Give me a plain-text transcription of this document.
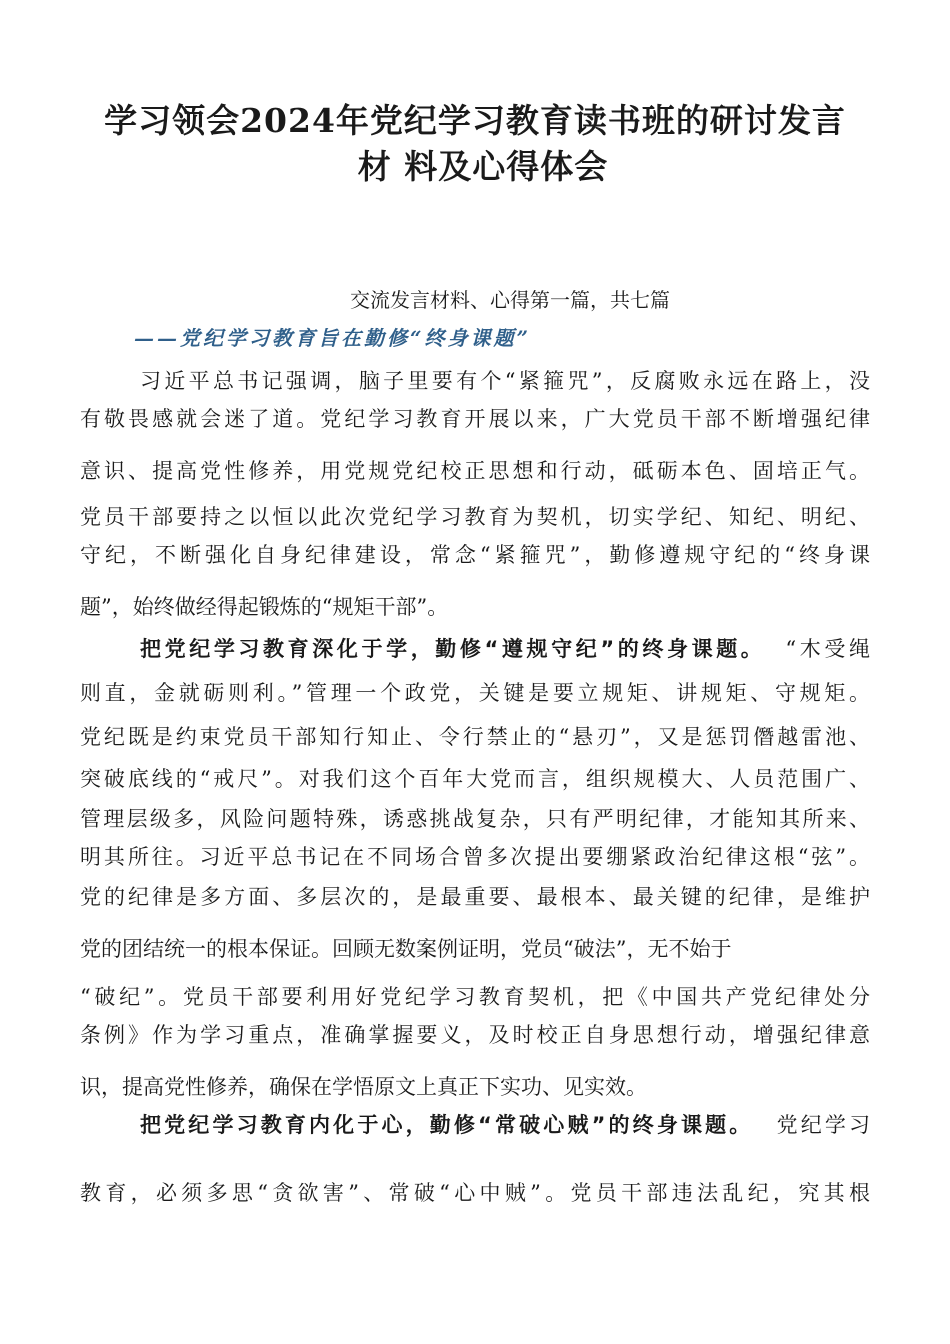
学习领会2024年党纪学习教育读书班的研讨发言
材 料及心得体会
交流发言材料、心得第一篇，共七篇
——党纪学习教育旨在勤修“终身课题”
习近平总书记强调，脑子里要有个“紧箍咒”，反腐败永远在路上，没
有敬畏感就会迷了道。党纪学习教育开展以来，广大党员干部不断增强纪律
意识、提高党性修养，用党规党纪校正思想和行动，砥砺本色、固培正气。
党员干部要持之以恒以此次党纪学习教育为契机，切实学纪、知纪、明纪、
守纪，不断强化自身纪律建设，常念“紧箍咒”，勤修遵规守纪的“终身课
题”，始终做经得起锻炼的“规矩干部”。
把党纪学习教育深化于学，勤修“遵规守纪”的终身课题。 “木受绳
则直，金就砺则利。”管理一个政党，关键是要立规矩、讲规矩、守规矩。
党纪既是约束党员干部知行知止、令行禁止的“悬刃”，又是惩罚僭越雷池、
突破底线的“戒尺”。对我们这个百年大党而言，组织规模大、人员范围广、
管理层级多，风险问题特殊，诱惑挑战复杂，只有严明纪律，才能知其所来、
明其所往。习近平总书记在不同场合曾多次提出要绷紧政治纪律这根“弦”。
党的纪律是多方面、多层次的，是最重要、最根本、最关键的纪律，是维护
党的团结统一的根本保证。回顾无数案例证明，党员“破法”，无不始于
“破纪”。党员干部要利用好党纪学习教育契机，把《中国共产党纪律处分
条例》作为学习重点，准确掌握要义，及时校正自身思想行动，增强纪律意
识，提高党性修养，确保在学悟原文上真正下实功、见实效。
把党纪学习教育内化于心，勤修“常破心贼”的终身课题。 党纪学习
教育，必须多思“贪欲害”、常破“心中贼”。党员干部违法乱纪，究其根
